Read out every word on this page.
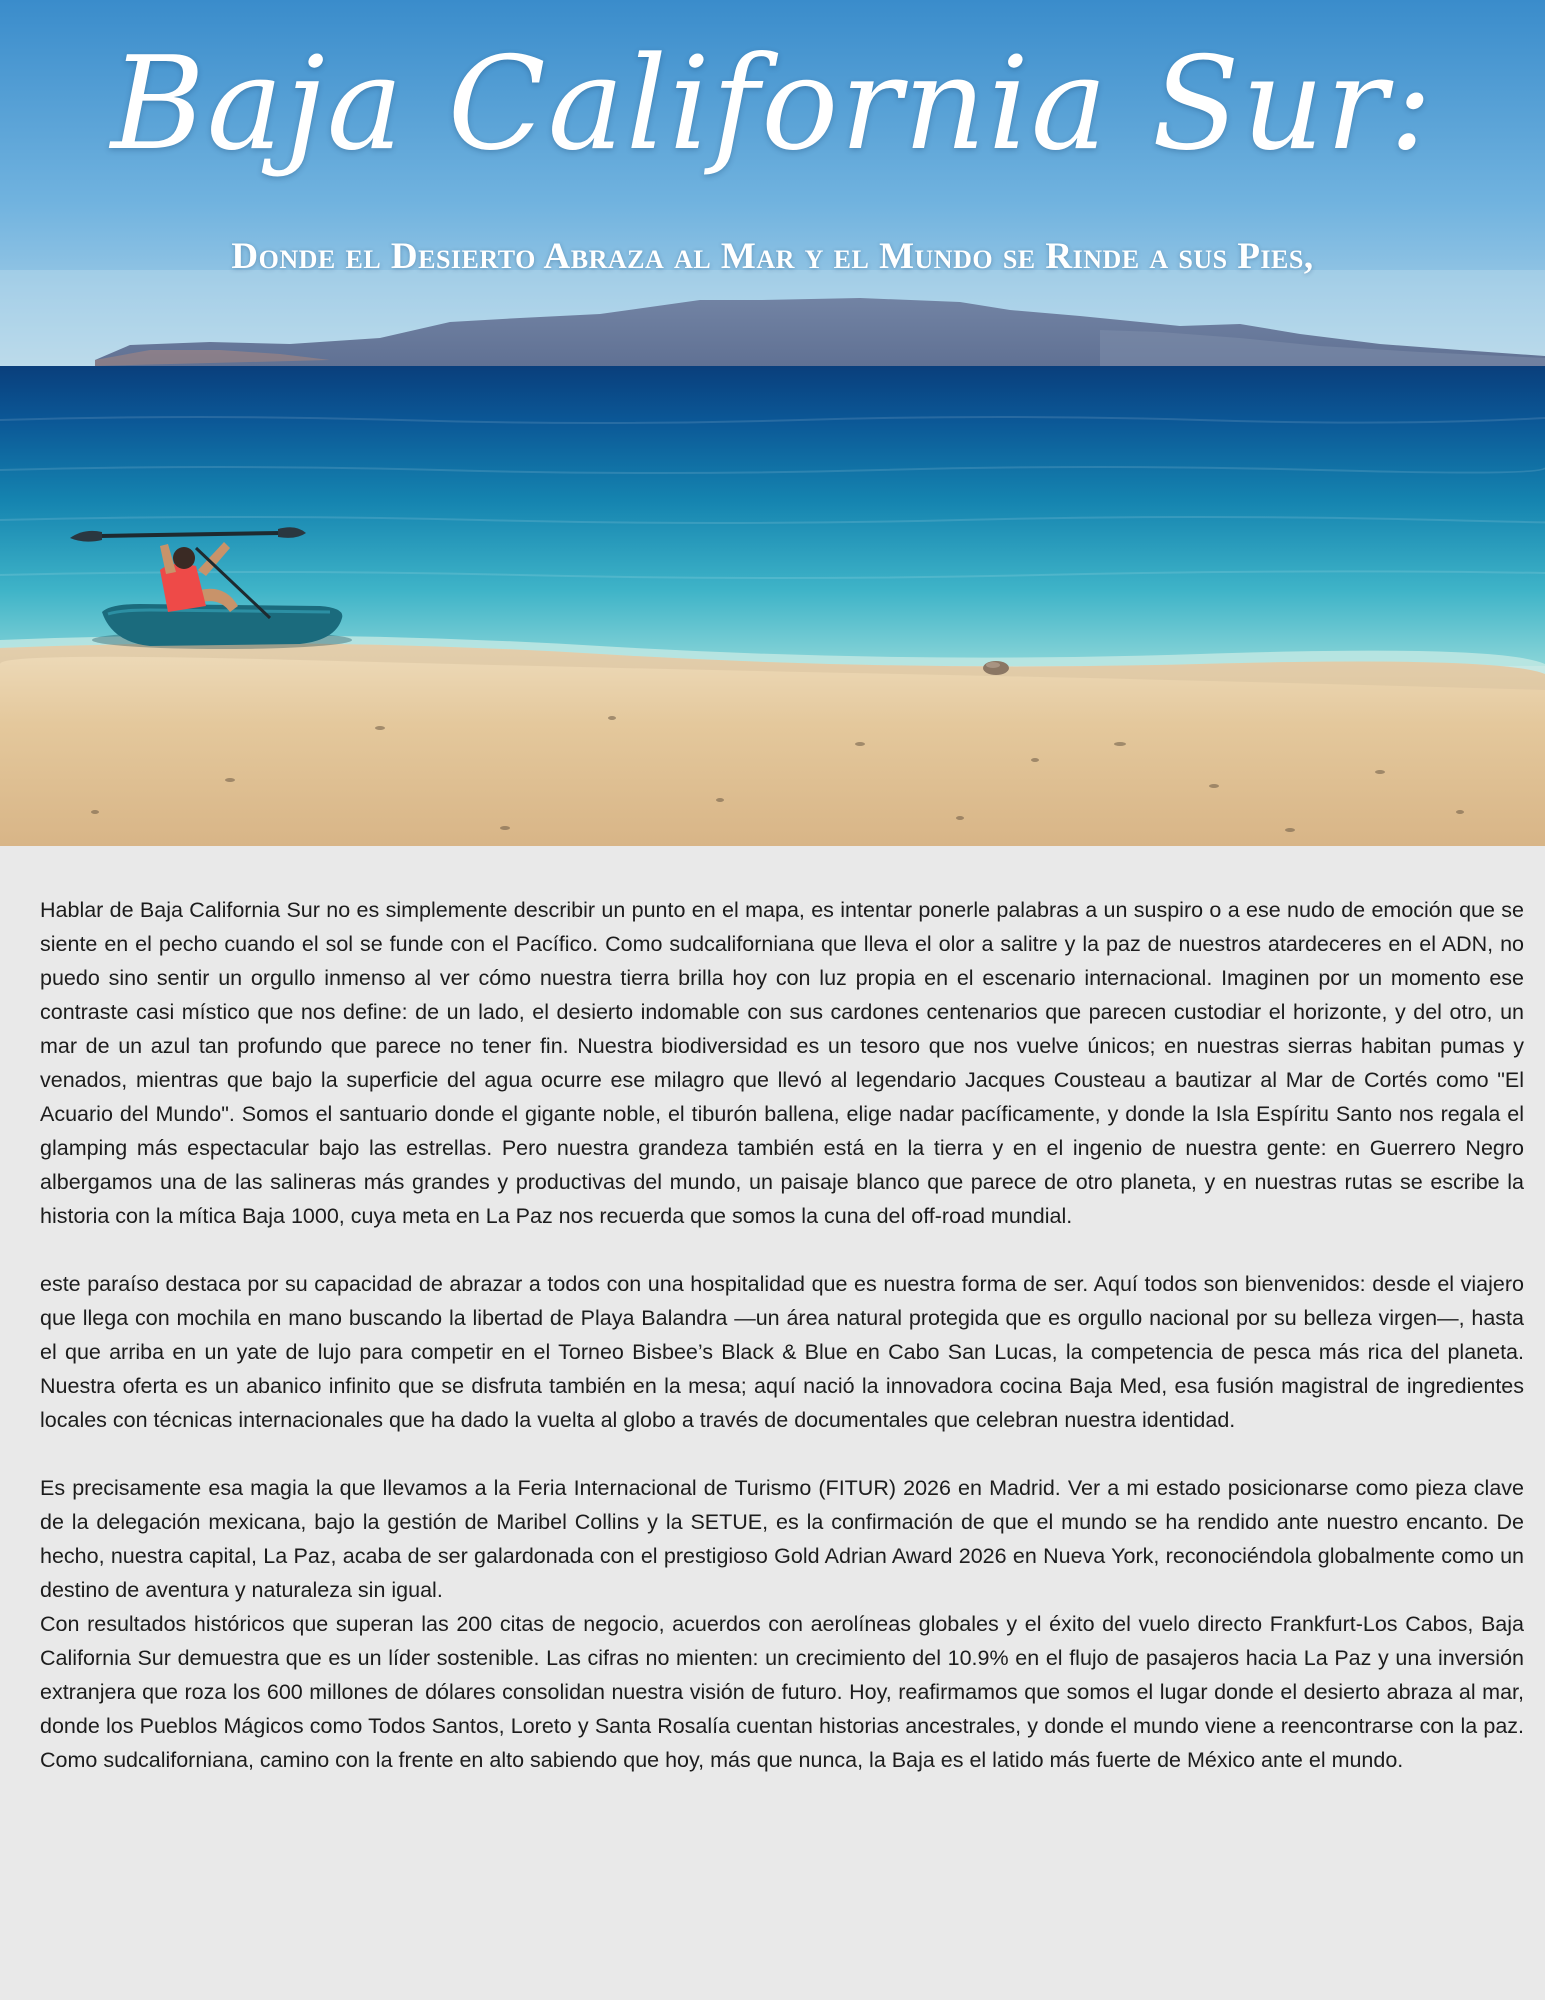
Baja California Sur:
Donde el Desierto Abraza al Mar y el Mundo se Rinde a sus Pies,

Hablar de Baja California Sur no es simplemente describir un punto en el mapa, es intentar ponerle palabras a un suspiro o a ese nudo de emoción que se siente en el pecho cuando el sol se funde con el Pacífico. Como sudcaliforniana que lleva el olor a salitre y la paz de nuestros atardeceres en el ADN, no puedo sino sentir un orgullo inmenso al ver cómo nuestra tierra brilla hoy con luz propia en el escenario internacional. Imaginen por un momento ese contraste casi místico que nos define: de un lado, el desierto indomable con sus cardones centenarios que parecen custodiar el horizonte, y del otro, un mar de un azul tan profundo que parece no tener fin. Nuestra biodiversidad es un tesoro que nos vuelve únicos; en nuestras sierras habitan pumas y venados, mientras que bajo la superficie del agua ocurre ese milagro que llevó al legendario Jacques Cousteau a bautizar al Mar de Cortés como "El Acuario del Mundo". Somos el santuario donde el gigante noble, el tiburón ballena, elige nadar pacíficamente, y donde la Isla Espíritu Santo nos regala el glamping más espectacular bajo las estrellas. Pero nuestra grandeza también está en la tierra y en el ingenio de nuestra gente: en Guerrero Negro albergamos una de las salineras más grandes y productivas del mundo, un paisaje blanco que parece de otro planeta, y en nuestras rutas se escribe la historia con la mítica Baja 1000, cuya meta en La Paz nos recuerda que somos la cuna del off-road mundial.

este paraíso destaca por su capacidad de abrazar a todos con una hospitalidad que es nuestra forma de ser. Aquí todos son bienvenidos: desde el viajero que llega con mochila en mano buscando la libertad de Playa Balandra —un área natural protegida que es orgullo nacional por su belleza virgen—, hasta el que arriba en un yate de lujo para competir en el Torneo Bisbee’s Black & Blue en Cabo San Lucas, la competencia de pesca más rica del planeta. Nuestra oferta es un abanico infinito que se disfruta también en la mesa; aquí nació la innovadora cocina Baja Med, esa fusión magistral de ingredientes locales con técnicas internacionales que ha dado la vuelta al globo a través de documentales que celebran nuestra identidad.

Es precisamente esa magia la que llevamos a la Feria Internacional de Turismo (FITUR) 2026 en Madrid. Ver a mi estado posicionarse como pieza clave de la delegación mexicana, bajo la gestión de Maribel Collins y la SETUE, es la confirmación de que el mundo se ha rendido ante nuestro encanto. De hecho, nuestra capital, La Paz, acaba de ser galardonada con el prestigioso Gold Adrian Award 2026 en Nueva York, reconociéndola globalmente como un destino de aventura y naturaleza sin igual.

Con resultados históricos que superan las 200 citas de negocio, acuerdos con aerolíneas globales y el éxito del vuelo directo Frankfurt-Los Cabos, Baja California Sur demuestra que es un líder sostenible. Las cifras no mienten: un crecimiento del 10.9% en el flujo de pasajeros hacia La Paz y una inversión extranjera que roza los 600 millones de dólares consolidan nuestra visión de futuro. Hoy, reafirmamos que somos el lugar donde el desierto abraza al mar, donde los Pueblos Mágicos como Todos Santos, Loreto y Santa Rosalía cuentan historias ancestrales, y donde el mundo viene a reencontrarse con la paz. Como sudcaliforniana, camino con la frente en alto sabiendo que hoy, más que nunca, la Baja es el latido más fuerte de México ante el mundo.
